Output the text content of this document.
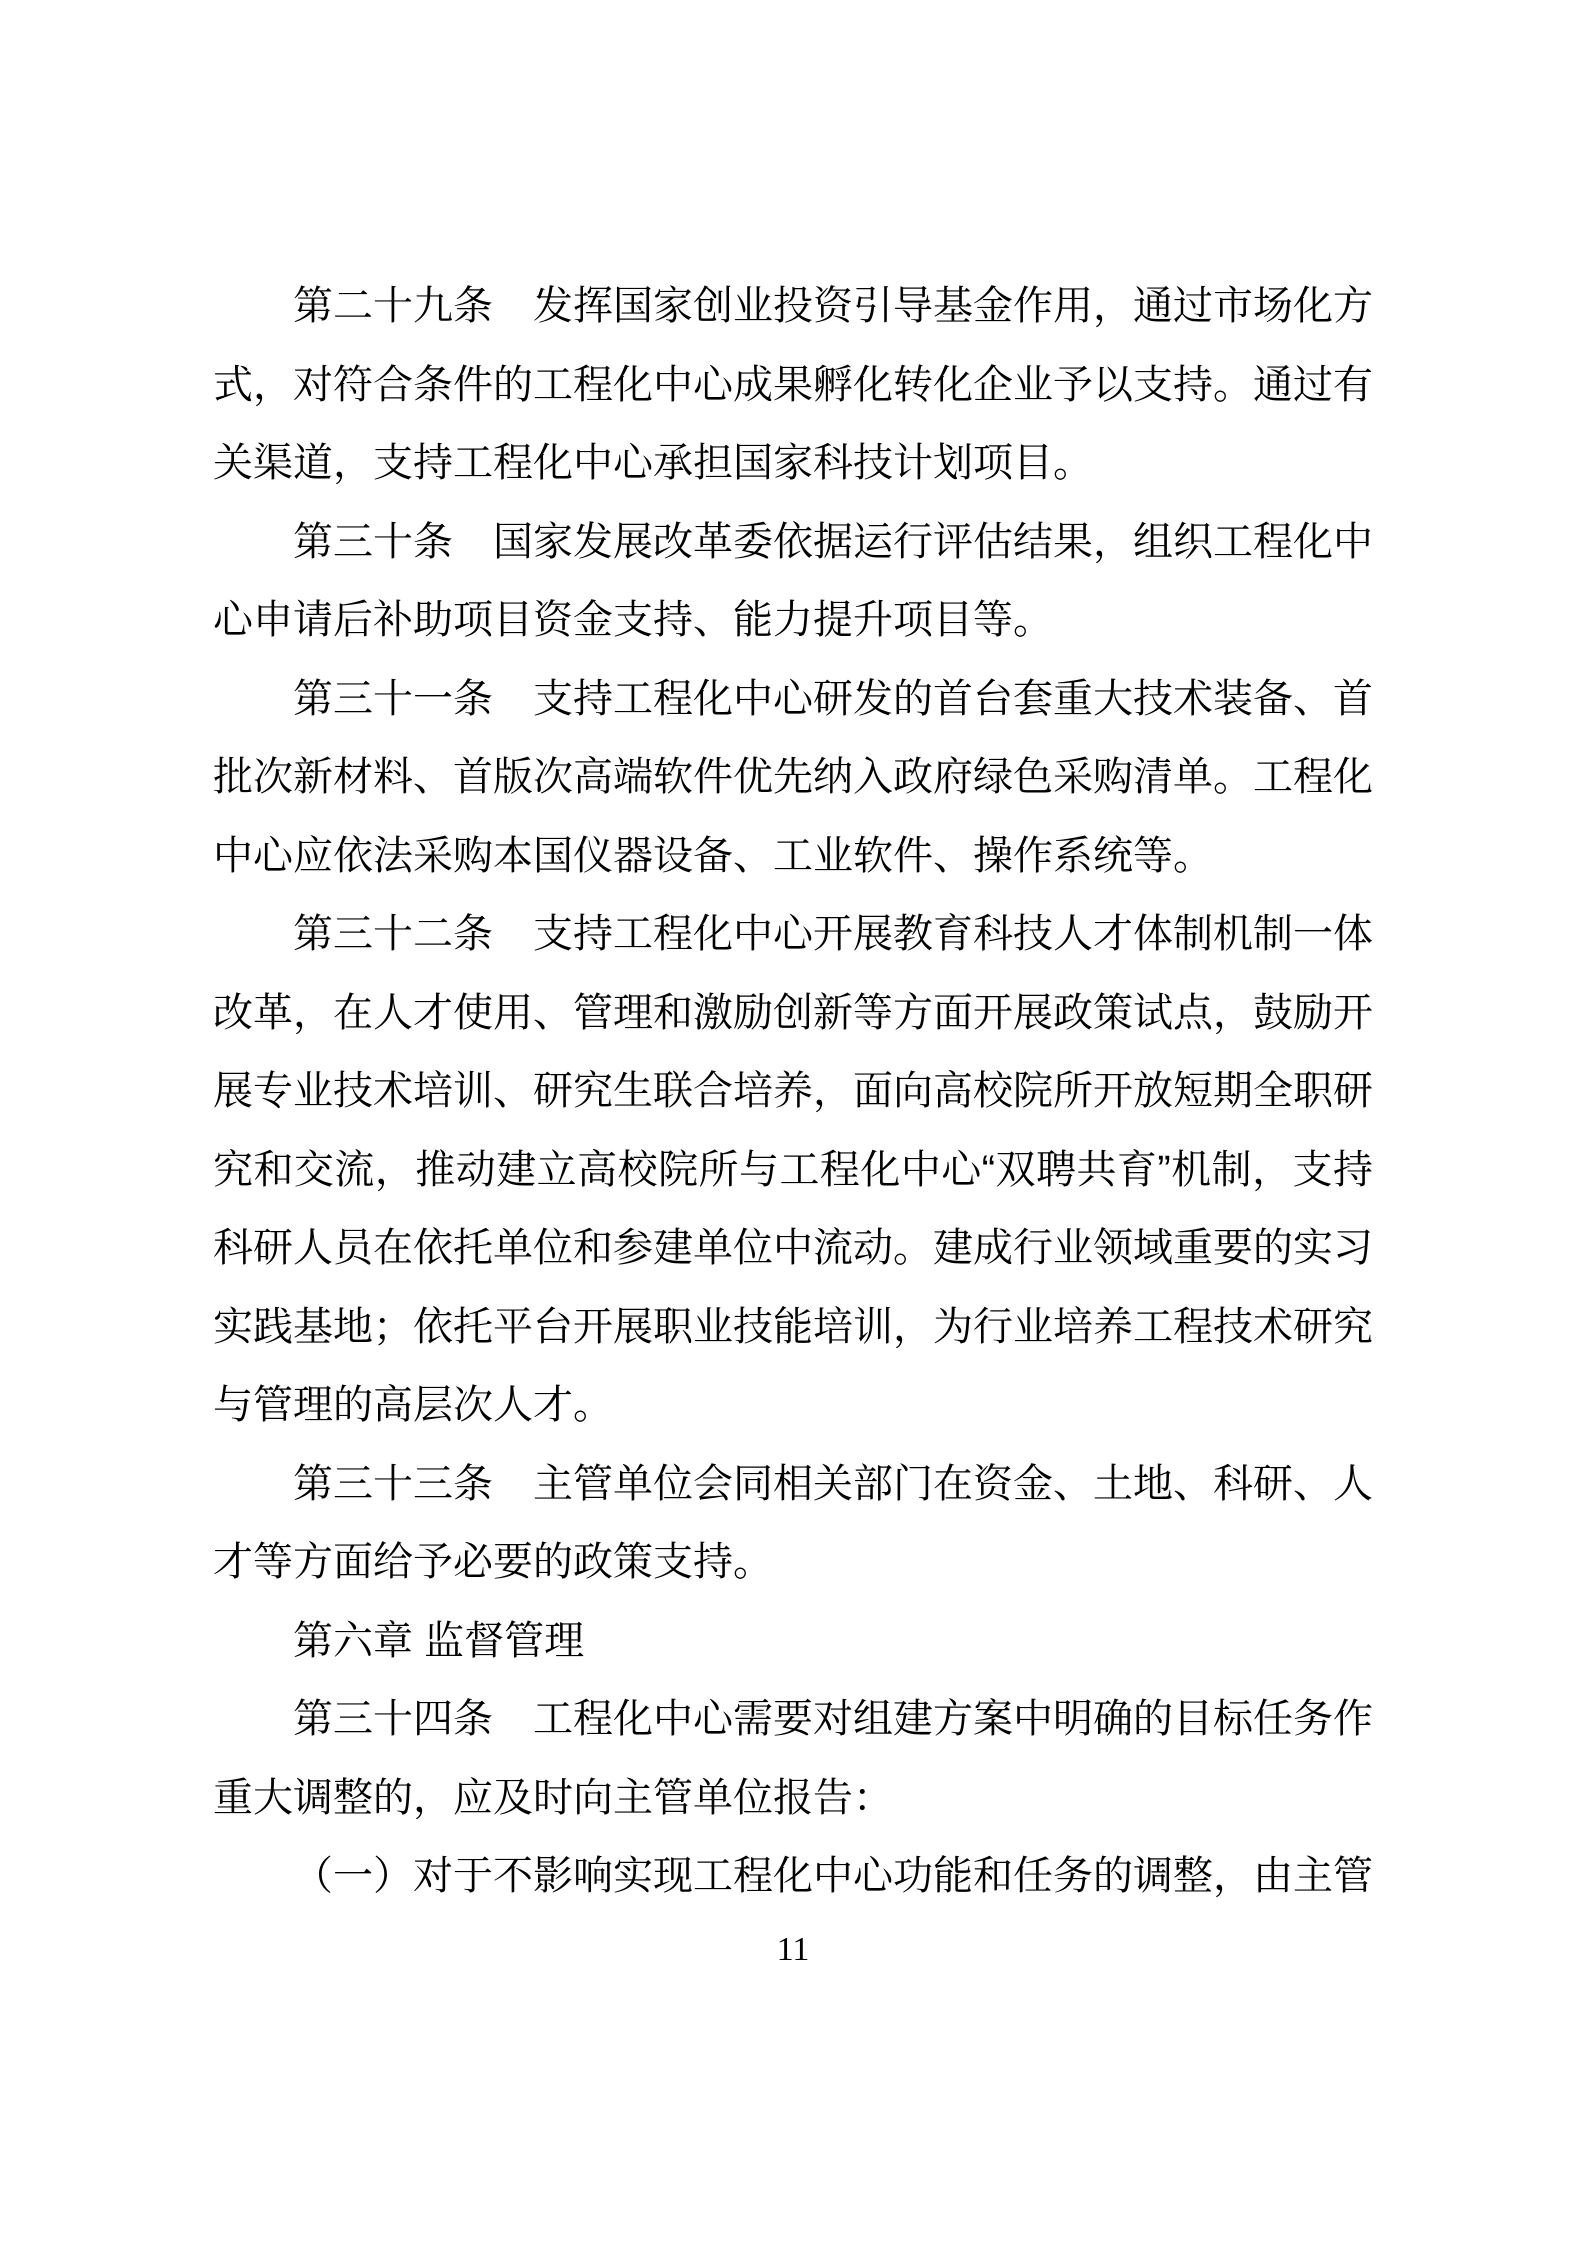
第二十九条　发挥国家创业投资引导基金作用，通过市场化方式，对符合条件的工程化中心成果孵化转化企业予以支持。通过有关渠道，支持工程化中心承担国家科技计划项目。

第三十条　国家发展改革委依据运行评估结果，组织工程化中心申请后补助项目资金支持、能力提升项目等。

第三十一条　支持工程化中心研发的首台套重大技术装备、首批次新材料、首版次高端软件优先纳入政府绿色采购清单。工程化中心应依法采购本国仪器设备、工业软件、操作系统等。

第三十二条　支持工程化中心开展教育科技人才体制机制一体改革，在人才使用、管理和激励创新等方面开展政策试点，鼓励开展专业技术培训、研究生联合培养，面向高校院所开放短期全职研究和交流，推动建立高校院所与工程化中心“双聘共育”机制，支持科研人员在依托单位和参建单位中流动。建成行业领域重要的实习实践基地；依托平台开展职业技能培训，为行业培养工程技术研究与管理的高层次人才。

第三十三条　主管单位会同相关部门在资金、土地、科研、人才等方面给予必要的政策支持。

第六章 监督管理

第三十四条　工程化中心需要对组建方案中明确的目标任务作重大调整的，应及时向主管单位报告：

（一）对于不影响实现工程化中心功能和任务的调整，由主管

11
